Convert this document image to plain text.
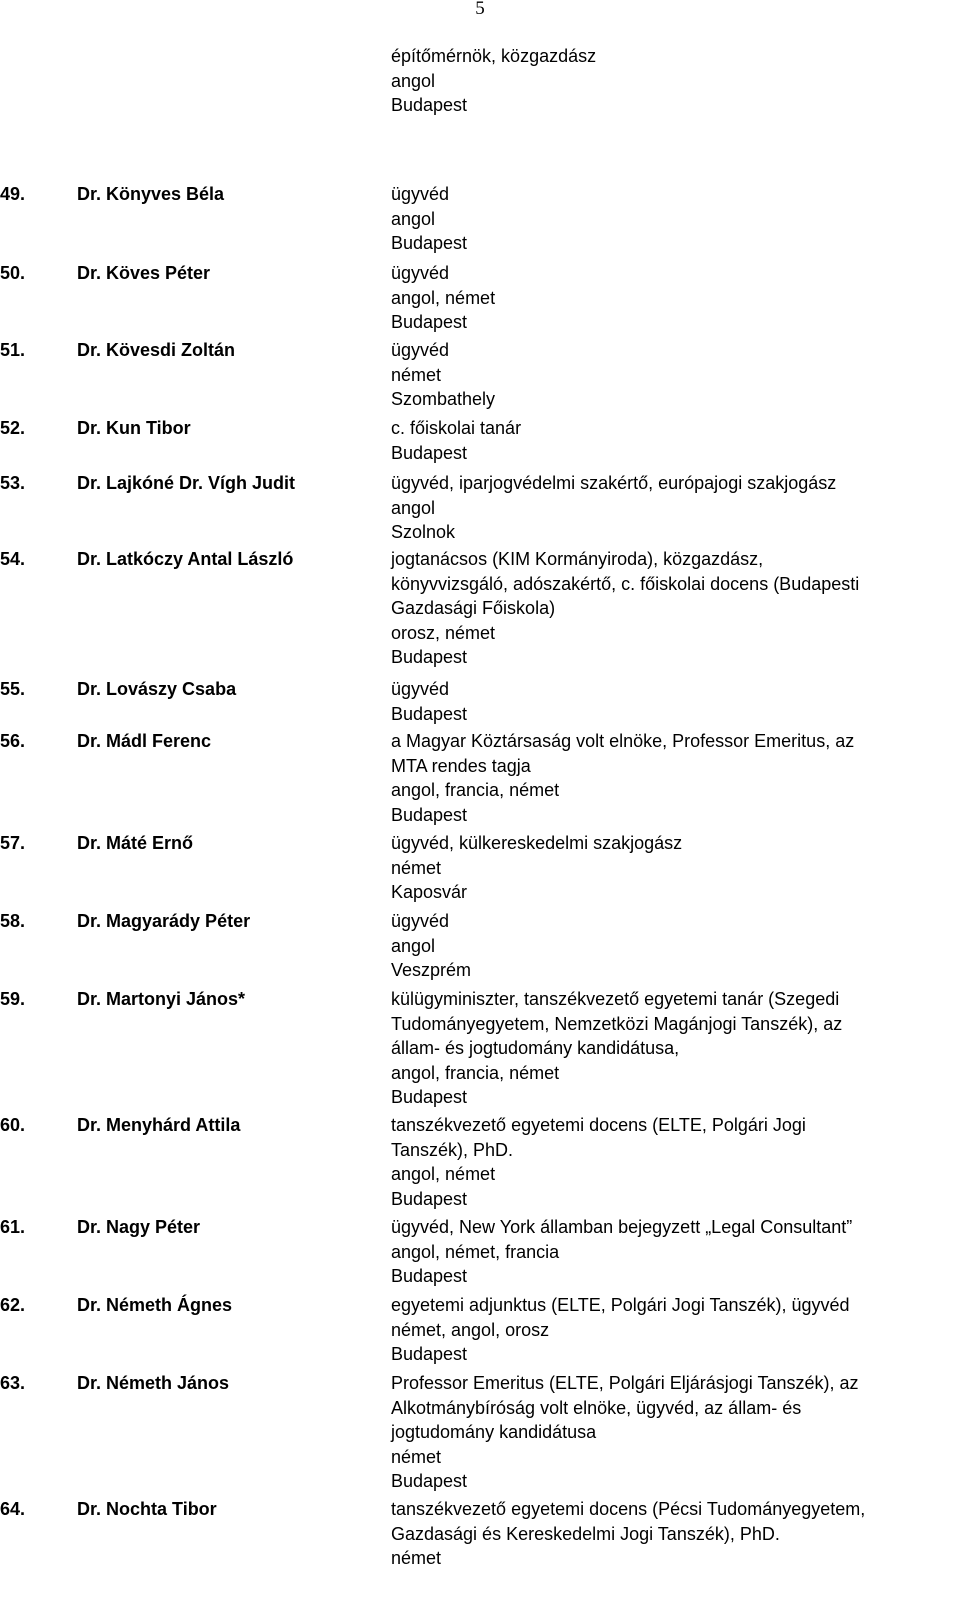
5
építőmérnök, közgazdász
angol
Budapest
49.	Dr. Könyves Béla	ügyvéd
angol
Budapest
50.	Dr. Köves Péter	ügyvéd
angol, német
Budapest
51.	Dr. Kövesdi Zoltán	ügyvéd
német
Szombathely
52.	Dr. Kun Tibor	c. főiskolai tanár
Budapest
53.	Dr. Lajkóné Dr. Vígh Judit	ügyvéd, iparjogvédelmi szakértő, európajogi szakjogász
angol
Szolnok
54.	Dr. Latkóczy Antal László	jogtanácsos (KIM Kormányiroda), közgazdász,
könyvvizsgáló, adószakértő, c. főiskolai docens (Budapesti
Gazdasági Főiskola)
orosz, német
Budapest
55.	Dr. Lovászy Csaba	ügyvéd
Budapest
56.	Dr. Mádl Ferenc	a Magyar Köztársaság volt elnöke, Professor Emeritus, az
MTA rendes tagja
angol, francia, német
Budapest
57.	Dr. Máté Ernő	ügyvéd, külkereskedelmi szakjogász
német
Kaposvár
58.	Dr. Magyarády Péter	ügyvéd
angol
Veszprém
59.	Dr. Martonyi János*	külügyminiszter, tanszékvezető egyetemi tanár (Szegedi
Tudományegyetem, Nemzetközi Magánjogi Tanszék), az
állam- és jogtudomány kandidátusa,
angol, francia, német
Budapest
60.	Dr. Menyhárd Attila	tanszékvezető egyetemi docens (ELTE, Polgári Jogi
Tanszék), PhD.
angol, német
Budapest
61.	Dr. Nagy Péter	ügyvéd, New York államban bejegyzett „Legal Consultant”
angol, német, francia
Budapest
62.	Dr. Németh Ágnes	egyetemi adjunktus (ELTE, Polgári Jogi Tanszék), ügyvéd
német, angol, orosz
Budapest
63.	Dr. Németh János	Professor Emeritus (ELTE, Polgári Eljárásjogi Tanszék), az
Alkotmánybíróság volt elnöke, ügyvéd, az állam- és
jogtudomány kandidátusa
német
Budapest
64.	Dr. Nochta Tibor	tanszékvezető egyetemi docens (Pécsi Tudományegyetem,
Gazdasági és Kereskedelmi Jogi Tanszék), PhD.
német
